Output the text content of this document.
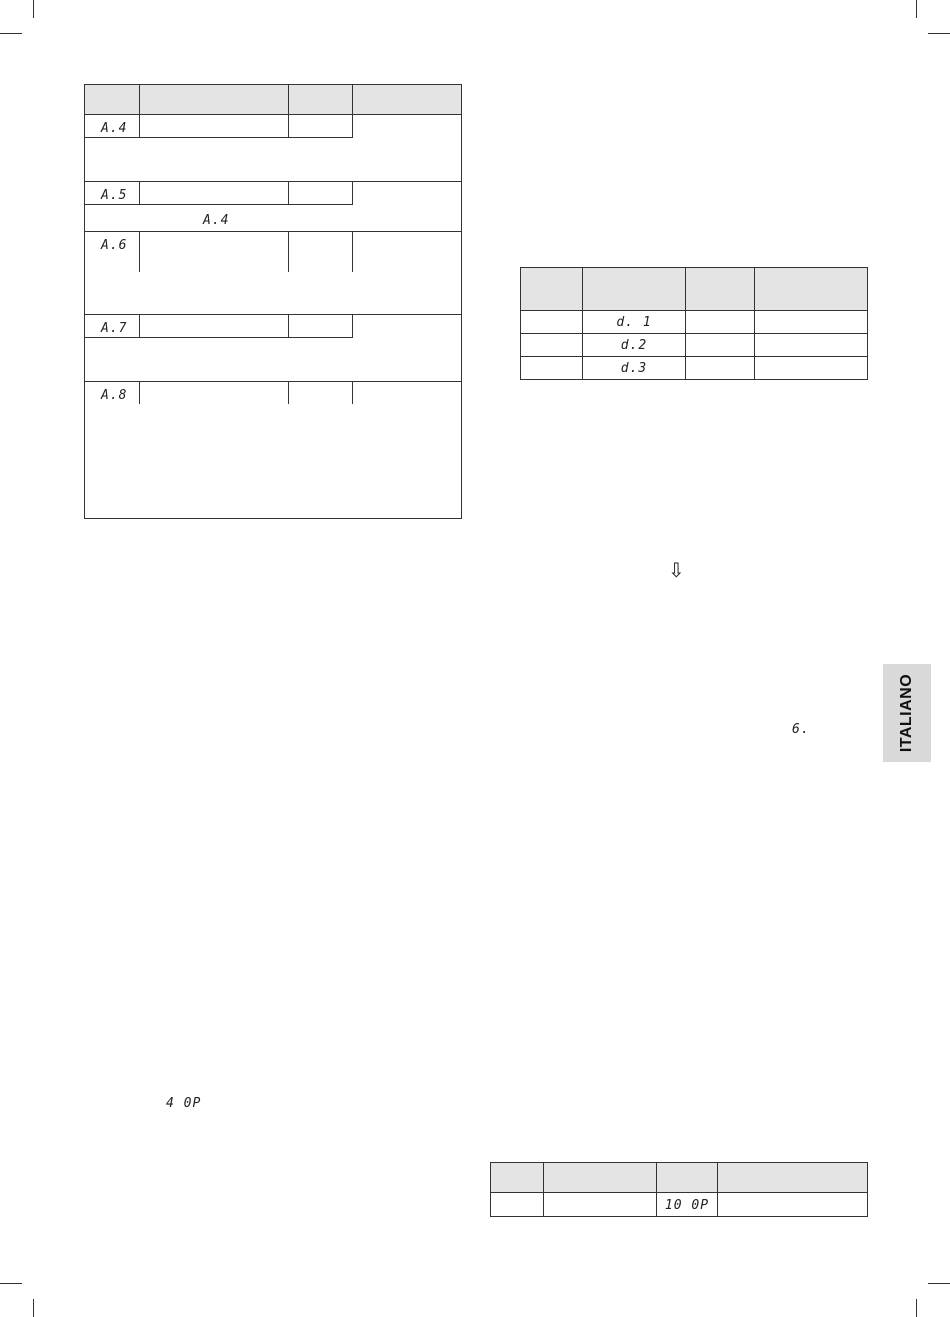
A.4			

A.5			
A.4			
A.6			

A.7			

A.8			

	d. 1		
	d.2		
	d.3		
⇩
6.	ITALIANO
4 0P

		10 0P	
